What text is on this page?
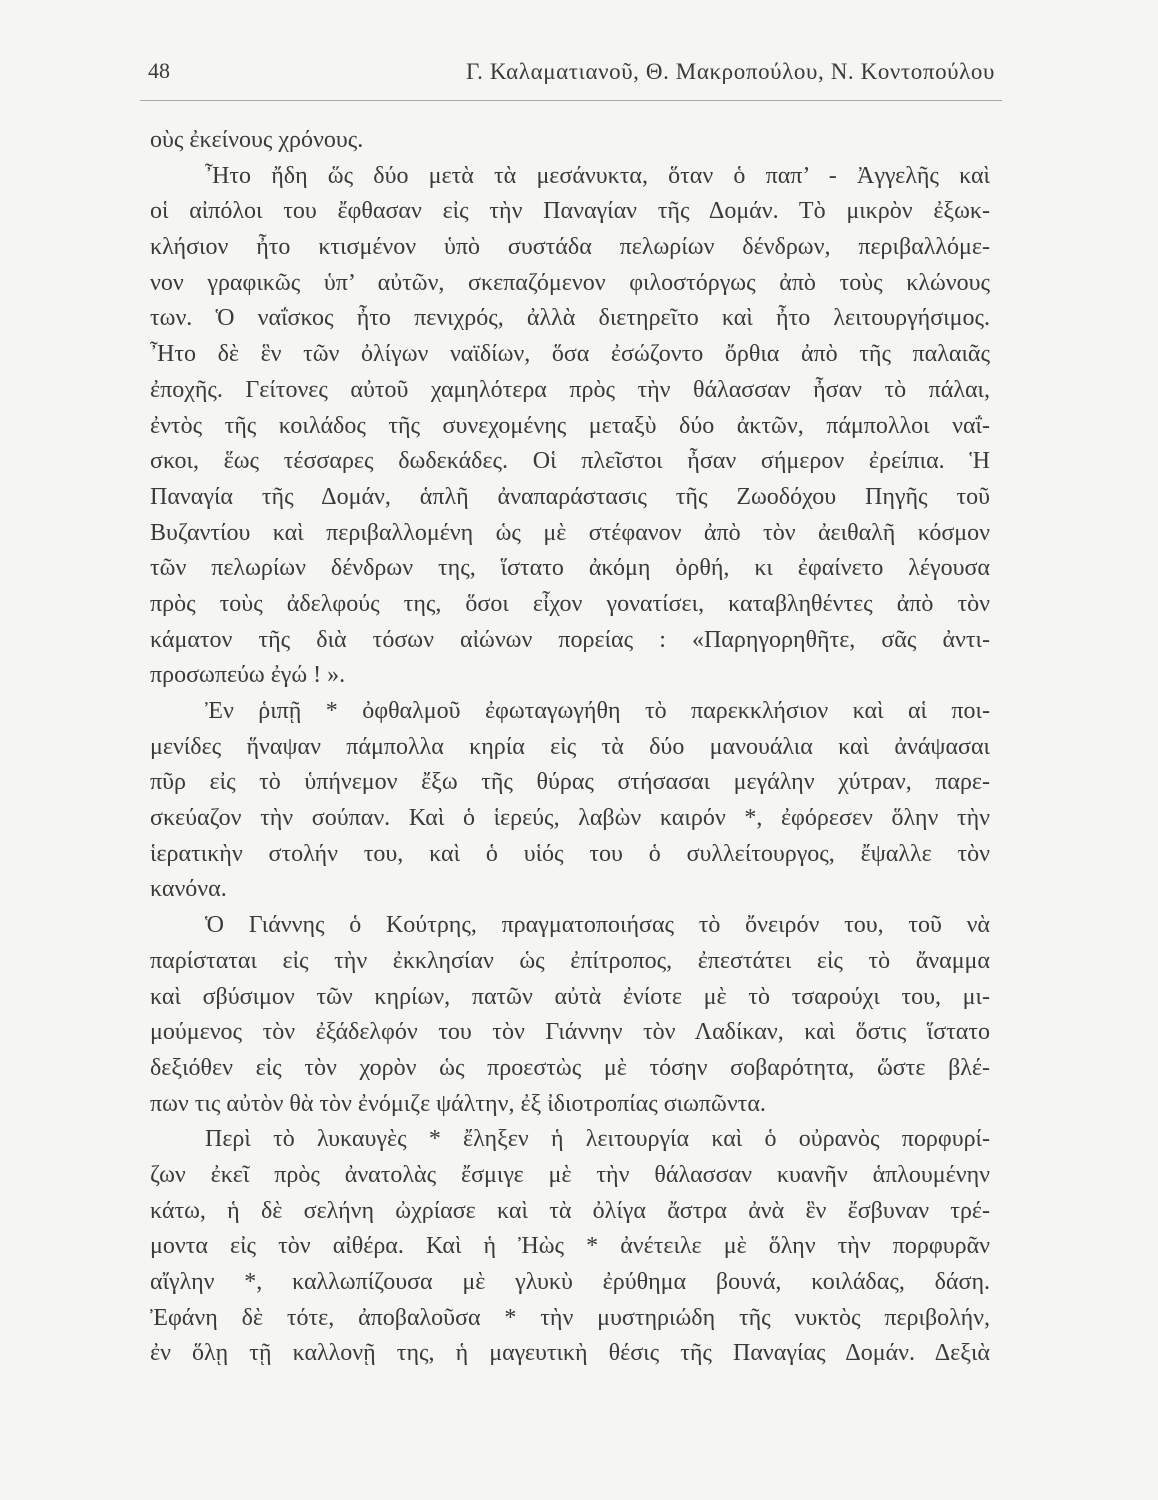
48	Γ. Καλαματιανοῦ, Θ. Μακροπούλου, Ν. Κοντοπούλου
οὺς ἐκείνους χρόνους.
Ἦτο ἤδη ὥς δύο μετὰ τὰ μεσάνυκτα, ὅταν ὁ παπ’ - Ἀγγελῆς καὶ
οἱ αἰπόλοι του ἔφθασαν εἰς τὴν Παναγίαν τῆς Δομάν. Τὸ μικρὸν ἐξωκ-
κλήσιον ἦτο κτισμένον ὑπὸ συστάδα πελωρίων δένδρων, περιβαλλόμε-
νον γραφικῶς ὑπ’ αὐτῶν, σκεπαζόμενον φιλοστόργως ἀπὸ τοὺς κλώνους
των. Ὁ ναΐσκος ἦτο πενιχρός, ἀλλὰ διετηρεῖτο καὶ ἦτο λειτουργήσιμος.
Ἦτο δὲ ἓν τῶν ὀλίγων ναϊδίων, ὅσα ἐσώζοντο ὄρθια ἀπὸ τῆς παλαιᾶς
ἐποχῆς. Γείτονες αὐτοῦ χαμηλότερα πρὸς τὴν θάλασσαν ἦσαν τὸ πάλαι,
ἐντὸς τῆς κοιλάδος τῆς συνεχομένης μεταξὺ δύο ἀκτῶν, πάμπολλοι ναΐ-
σκοι, ἕως τέσσαρες δωδεκάδες. Οἱ πλεῖστοι ἦσαν σήμερον ἐρείπια. Ἡ
Παναγία τῆς Δομάν, ἁπλῆ ἀναπαράστασις τῆς Ζωοδόχου Πηγῆς τοῦ
Βυζαντίου καὶ περιβαλλομένη ὡς μὲ στέφανον ἀπὸ τὸν ἀειθαλῆ κόσμον
τῶν πελωρίων δένδρων της, ἵστατο ἀκόμη ὀρθή, κι ἐφαίνετο λέγουσα
πρὸς τοὺς ἀδελφούς της, ὅσοι εἶχον γονατίσει, καταβληθέντες ἀπὸ τὸν
κάματον τῆς διὰ τόσων αἰώνων πορείας : «Παρηγορηθῆτε, σᾶς ἀντι-
προσωπεύω ἐγώ ! ».
Ἐν ῥιπῇ * ὀφθαλμοῦ ἐφωταγωγήθη τὸ παρεκκλήσιον καὶ αἱ ποι-
μενίδες ἥναψαν πάμπολλα κηρία εἰς τὰ δύο μανουάλια καὶ ἀνάψασαι
πῦρ εἰς τὸ ὑπήνεμον ἔξω τῆς θύρας στήσασαι μεγάλην χύτραν, παρε-
σκεύαζον τὴν σούπαν. Καὶ ὁ ἱερεύς, λαβὼν καιρόν *, ἐφόρεσεν ὅλην τὴν
ἱερατικὴν στολήν του, καὶ ὁ υἱός του ὁ συλλείτουργος, ἔψαλλε τὸν
κανόνα.
Ὁ Γιάννης ὁ Κούτρης, πραγματοποιήσας τὸ ὄνειρόν του, τοῦ νὰ
παρίσταται εἰς τὴν ἐκκλησίαν ὡς ἐπίτροπος, ἐπεστάτει εἰς τὸ ἄναμμα
καὶ σβύσιμον τῶν κηρίων, πατῶν αὐτὰ ἐνίοτε μὲ τὸ τσαρούχι του, μι-
μούμενος τὸν ἐξάδελφόν του τὸν Γιάννην τὸν Λαδίκαν, καὶ ὅστις ἵστατο
δεξιόθεν εἰς τὸν χορὸν ὡς προεστὼς μὲ τόσην σοβαρότητα, ὥστε βλέ-
πων τις αὐτὸν θὰ τὸν ἐνόμιζε ψάλτην, ἐξ ἰδιοτροπίας σιωπῶντα.
Περὶ τὸ λυκαυγὲς * ἔληξεν ἡ λειτουργία καὶ ὁ οὐρανὸς πορφυρί-
ζων ἐκεῖ πρὸς ἀνατολὰς ἔσμιγε μὲ τὴν θάλασσαν κυανῆν ἁπλουμένην
κάτω, ἡ δὲ σελήνη ὠχρίασε καὶ τὰ ὀλίγα ἄστρα ἀνὰ ἓν ἔσβυναν τρέ-
μοντα εἰς τὸν αἰθέρα. Καὶ ἡ Ἠὼς * ἀνέτειλε μὲ ὅλην τὴν πορφυρᾶν
αἴγλην *, καλλωπίζουσα μὲ γλυκὺ ἐρύθημα βουνά, κοιλάδας, δάση.
Ἐφάνη δὲ τότε, ἀποβαλοῦσα * τὴν μυστηριώδη τῆς νυκτὸς περιβολήν,
ἐν ὅλῃ τῇ καλλονῇ της, ἡ μαγευτικὴ θέσις τῆς Παναγίας Δομάν. Δεξιὰ
